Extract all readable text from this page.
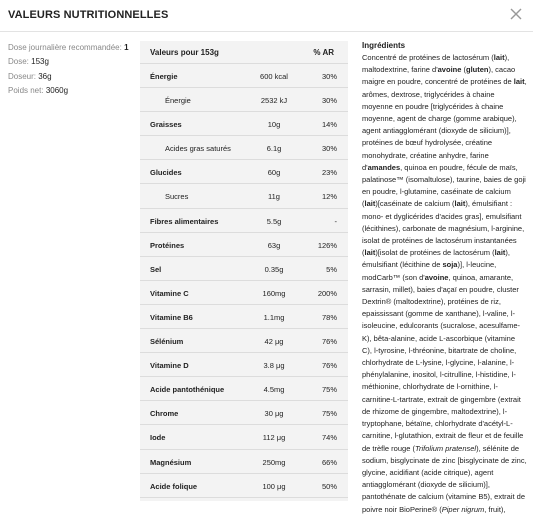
VALEURS NUTRITIONNELLES
Dose journalière recommandée: 1
Dose: 153g
Doseur: 36g
Poids net: 3060g
Valeurs pour 153g	% AR
Énergie	600 kcal	30%
Énergie	2532 kJ	30%
Graisses	10g	14%
Acides gras saturés	6.1g	30%
Glucides	60g	23%
Sucres	11g	12%
Fibres alimentaires	5.5g	-
Protéines	63g	126%
Sel	0.35g	5%
Vitamine C	160mg	200%
Vitamine B6	1.1mg	78%
Sélénium	42 μg	76%
Vitamine D	3.8 μg	76%
Acide pantothénique	4.5mg	75%
Chrome	30 μg	75%
Iode	112 μg	74%
Magnésium	250mg	66%
Acide folique	100 μg	50%
Ingrédients
Concentré de protéines de lactosérum (lait), maltodextrine, farine d'avoine (gluten), cacao maigre en poudre, concentré de protéines de lait, arômes, dextrose, triglycérides à chaine moyenne en poudre [triglycérides à chaine moyenne, agent de charge (gomme arabique), agent antiagglomérant (dioxyde de silicium)], protéines de bœuf hydrolysée, créatine monohydrate, créatine anhydre, farine d'amandes, quinoa en poudre, fécule de maïs, palatinose™ (isomaltulose), taurine, baies de goji en poudre, l-glutamine, caséinate de calcium (lait)[caséinate de calcium (lait), émulsifiant : mono- et dyglicérides d'acides gras], emulsifiant (lécithines), carbonate de magnésium, l-arginine, isolat de protéines de lactosérum instantanées (lait)[isolat de protéines de lactosérum (lait), émulsifiant (lécithine de soja)], l-leucine, modCarb™ (son d'avoine, quinoa, amarante, sarrasin, millet), baies d'açaï en poudre, cluster Dextrin® (maltodextrine), protéines de riz, epaississant (gomme de xanthane), l-valine, l-isoleucine, edulcorants (sucralose, acesulfame-K), bêta-alanine, acide L-ascorbique (vitamine C), l-tyrosine, l-thréonine, bitartrate de choline, chlorhydrate de L-lysine, l-glycine, l-alanine, l-phénylalanine, inositol, l-citrulline, l-histidine, l-méthionine, chlorhydrate de l-ornithine, l-carnitine-L-tartrate, extrait de gingembre (extrait de rhizome de gingembre, maltodextrine), l-tryptophane, bétaïne, chlorhydrate d'acétyl-L-carnitine, l-glutathion, extrait de fleur et de feuille de trèfle rouge (Trifolium pratensel), sélénite de sodium, bisglycinate de zinc [bisglycinate de zinc, glycine, acidifiant (acide citrique), agent antiagglomérant (dioxyde de silicium)], pantothénate de calcium (vitamine B5), extrait de poivre noir BioPerine® (Piper nigrum, fruit),
